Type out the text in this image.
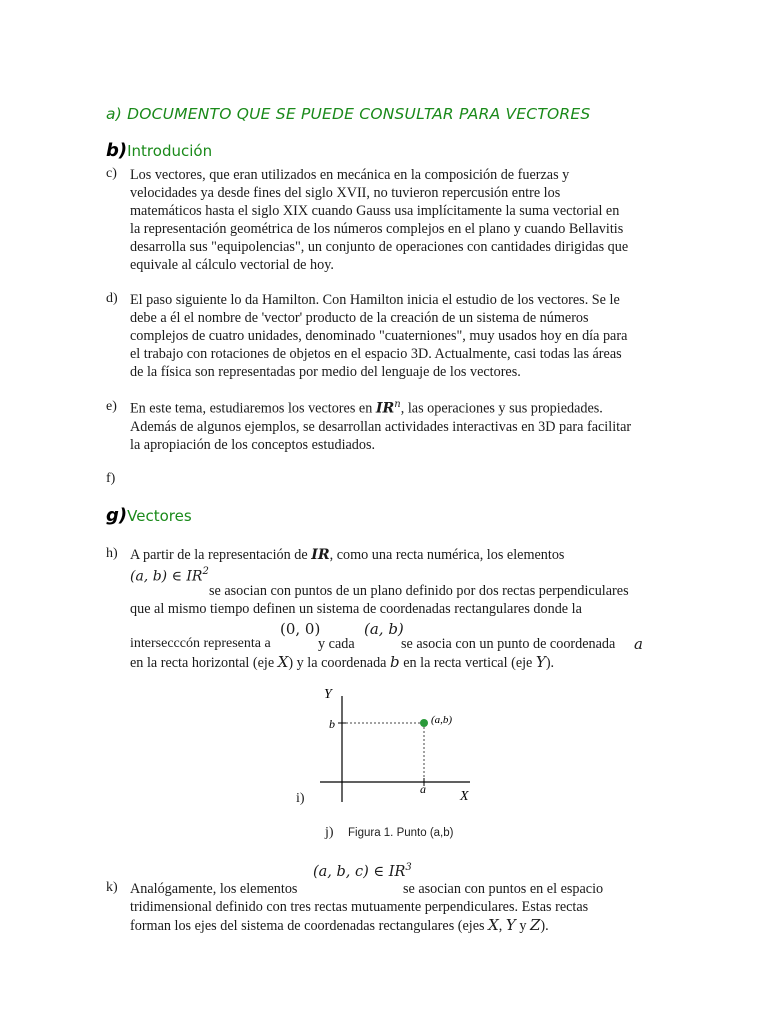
a) DOCUMENTO QUE SE PUEDE CONSULTAR PARA VECTORES
b)Introdución
c) Los vectores, que eran utilizados en mecánica en la composición de fuerzas y
velocidades ya desde fines del siglo XVII, no tuvieron repercusión entre los
matemáticos hasta el siglo XIX cuando Gauss usa implícitamente la suma vectorial en
la representación geométrica de los números complejos en el plano y cuando Bellavitis
desarrolla sus "equipolencias", un conjunto de operaciones con cantidades dirigidas que
equivale al cálculo vectorial de hoy.
d) El paso siguiente lo da Hamilton. Con Hamilton inicia el estudio de los vectores. Se le
debe a él el nombre de 'vector' producto de la creación de un sistema de números
complejos de cuatro unidades, denominado "cuaterniones", muy usados hoy en día para
el trabajo con rotaciones de objetos en el espacio 3D. Actualmente, casi todas las áreas
de la física son representadas por medio del lenguaje de los vectores.
e) En este tema, estudiaremos los vectores en $IR^n$, las operaciones y sus propiedades.
Además de algunos ejemplos, se desarrollan actividades interactivas en 3D para facilitar
la apropiación de los conceptos estudiados.
f)
g)Vectores
h) A partir de la representación de IR, como una recta numérica, los elementos
(a, b) ∈ $IR^2$
se asocian con puntos de un plano definido por dos rectas perpendiculares
que al mismo tiempo definen un sistema de coordenadas rectangulares donde la
intersecccón representa a
(0, 0)
y cada
(a, b)
se asocia con un punto de coordenada	a
en la recta horizontal (eje X) y la coordenada b en la recta vertical (eje Y).
i)
Y
X
b
a
(a,b)
j) Figura 1. Punto (a,b)
(a, b, c) ∈ $IR^3$
k) Analógamente, los elementos	se asocian con puntos en el espacio
tridimensional definido con tres rectas mutuamente perpendiculares. Estas rectas
forman los ejes del sistema de coordenadas rectangulares (ejes X, Y y Z).
